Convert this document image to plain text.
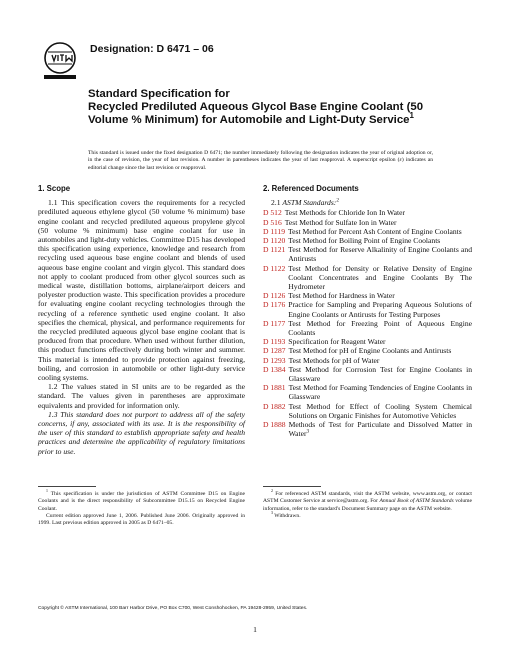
Designation: D 6471 – 06
Standard Specification for
Recycled Prediluted Aqueous Glycol Base Engine Coolant (50 Volume % Minimum) for Automobile and Light-Duty Service$^1$
This standard is issued under the fixed designation D 6471; the number immediately following the designation indicates the year of original adoption or, in the case of revision, the year of last revision. A number in parentheses indicates the year of last reapproval. A superscript epsilon (ε) indicates an editorial change since the last revision or reapproval.
1. Scope
1.1 This specification covers the requirements for a recycled prediluted aqueous ethylene glycol (50 volume % minimum) base engine coolant and recycled prediluted aqueous propylene glycol (50 volume % minimum) base engine coolant for use in automobiles and light-duty vehicles. Committee D15 has developed this specification using experience, knowledge and research from recycling used aqueous base engine coolant and blends of used aqueous base engine coolant and virgin glycol. This standard does not apply to coolant produced from other glycol sources such as medical waste, distillation bottoms, airplane/airport deicers and polyester production waste. This specification provides a procedure for evaluating engine coolant recycling technologies through the recycling of a reference synthetic used engine coolant. It also specifies the chemical, physical, and performance requirements for the recycled prediluted aqueous glycol base engine coolant that is produced from that procedure. When used without further dilution, this product functions effectively during both winter and summer. This material is intended to provide protection against freezing, boiling, and corrosion in automobile or other light-duty service cooling systems.
1.2 The values stated in SI units are to be regarded as the standard. The values given in parentheses are approximate equivalents and provided for information only.
1.3 This standard does not purport to address all of the safety concerns, if any, associated with its use. It is the responsibility of the user of this standard to establish appropriate safety and health practices and determine the applicability of regulatory limitations prior to use.
2. Referenced Documents
2.1 ASTM Standards:$^2$
D 512 Test Methods for Chloride Ion In Water
D 516 Test Method for Sulfate Ion in Water
D 1119 Test Method for Percent Ash Content of Engine Coolants
D 1120 Test Method for Boiling Point of Engine Coolants
D 1121 Test Method for Reserve Alkalinity of Engine Coolants and Antirusts
D 1122 Test Method for Density or Relative Density of Engine Coolant Concentrates and Engine Coolants By The Hydrometer
D 1126 Test Method for Hardness in Water
D 1176 Practice for Sampling and Preparing Aqueous Solutions of Engine Coolants or Antirusts for Testing Purposes
D 1177 Test Method for Freezing Point of Aqueous Engine Coolants
D 1193 Specification for Reagent Water
D 1287 Test Method for pH of Engine Coolants and Antirusts
D 1293 Test Methods for pH of Water
D 1384 Test Method for Corrosion Test for Engine Coolants in Glassware
D 1881 Test Method for Foaming Tendencies of Engine Coolants in Glassware
D 1882 Test Method for Effect of Cooling System Chemical Solutions on Organic Finishes for Automotive Vehicles
D 1888 Methods of Test for Particulate and Dissolved Matter in Water$^3$

$^1$ This specification is under the jurisdiction of ASTM Committee D15 on Engine Coolants and is the direct responsibility of Subcommittee D15.15 on Recycled Engine Coolant.

Current edition approved June 1, 2006. Published June 2006. Originally approved in 1999. Last previous edition approved in 2005 as D 6471–05.

$^2$ For referenced ASTM standards, visit the ASTM website, www.astm.org, or contact ASTM Customer Service at service@astm.org. For Annual Book of ASTM Standards volume information, refer to the standard's Document Summary page on the ASTM website.

$^3$ Withdrawn.

Copyright © ASTM International, 100 Barr Harbor Drive, PO Box C700, West Conshohocken, PA 19428-2959, United States.
1
